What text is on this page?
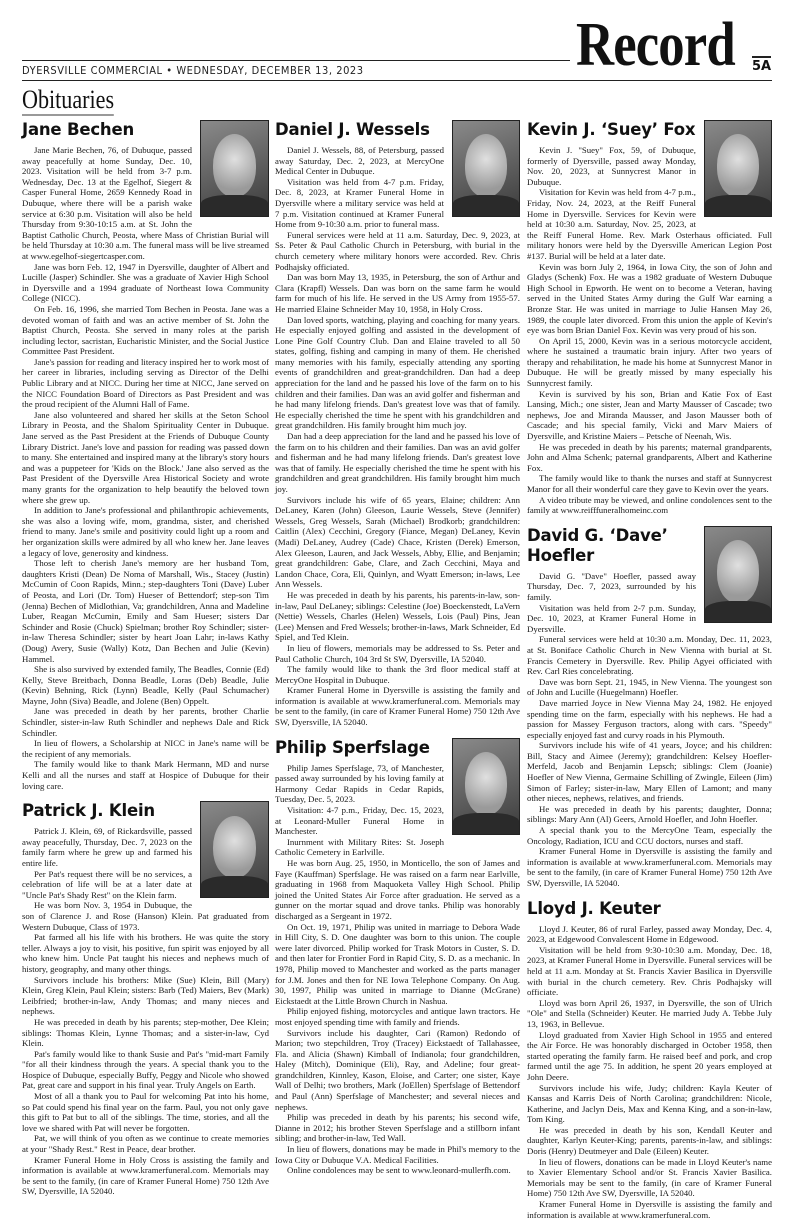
DYERSVILLE COMMERCIAL • WEDNESDAY, DECEMBER 13, 2023	Record 5A
Obituaries
Jane Bechen

Jane Marie Bechen, 76, of Dubuque, passed away peacefully at home Sunday, Dec. 10, 2023. Visitation will be held from 3-7 p.m. Wednesday, Dec. 13 at the Egelhof, Siegert & Casper Funeral Home, 2659 Kennedy Road in Dubuque, where there will be a parish wake service at 6:30 p.m. Visitation will also be held Thursday from 9:30-10:15 a.m. at St. John the Baptist Catholic Church, Peosta, where Mass of Christian Burial will be held Thursday at 10:30 a.m. The funeral mass will be live streamed at www.egelhof-siegertcasper.com.

Jane was born Feb. 12, 1947 in Dyersville, daughter of Albert and Lucille (Jasper) Schindler. She was a graduate of Xavier High School in Dyersville and a 1994 graduate of Northeast Iowa Community College (NICC).

On Feb. 16, 1996, she married Tom Bechen in Peosta. Jane was a devoted woman of faith and was an active member of St. John the Baptist Church, Peosta. She served in many roles at the parish including lector, sacristan, Eucharistic Minister, and the Social Justice Committee Past President.

Jane's passion for reading and literacy inspired her to work most of her career in libraries, including serving as Director of the Delhi Public Library and at NICC. During her time at NICC, Jane served on the NICC Foundation Board of Directors as Past President and was the proud recipient of the Alumni Hall of Fame.

Jane also volunteered and shared her skills at the Seton School Library in Peosta, and the Shalom Spirituality Center in Dubuque. Jane served as the Past President at the Friends of Dubuque County Library District. Jane's love and passion for reading was passed down to many. She entertained and inspired many at the library's story hours and was a puppeteer for 'Kids on the Block.' Jane also served as the Past President of the Dyersville Area Historical Society and wrote many grants for the organization to help beautify the beloved town where she grew up.

In addition to Jane's professional and philanthropic achievements, she was also a loving wife, mom, grandma, sister, and cherished friend to many. Jane's smile and positivity could light up a room and her organization skills were admired by all who knew her. Jane leaves a legacy of love, generosity and kindness.

Those left to cherish Jane's memory are her husband Tom, daughters Kristi (Dean) De Noma of Marshall, Wis., Stacey (Justin) McCumin of Coon Rapids, Minn.; step-daughters Toni (Dave) Luber of Peosta, and Lori (Dr. Tom) Hueser of Bettendorf; step-son Tim (Jenna) Bechen of Midlothian, Va; grandchildren, Anna and Madeline Luber, Reagan McCumin, Emily and Sam Hueser; sisters Dar Schinder and Rosie (Chuck) Spielman; brother Roy Schindler; sister-in-law Theresa Schindler; sister by heart Joan Lahr; in-laws Kathy (Doug) Avery, Susie (Wally) Kotz, Dan Bechen and Julie (Kevin) Hammel.

She is also survived by extended family, The Beadles, Connie (Ed) Kelly, Steve Breitbach, Donna Beadle, Loras (Deb) Beadle, Julie (Kevin) Behning, Rick (Lynn) Beadle, Kelly (Paul Schumacher) Mayne, John (Siva) Beadle, and Jolene (Ben) Oppelt.

Jane was preceded in death by her parents, brother Charlie Schindler, sister-in-law Ruth Schindler and nephews Dale and Rick Schindler.

In lieu of flowers, a Scholarship at NICC in Jane's name will be the recipient of any memorials.

The family would like to thank Mark Hermann, MD and nurse Kelli and all the nurses and staff at Hospice of Dubuque for their loving care.

Patrick J. Klein

Patrick J. Klein, 69, of Rickardsville, passed away peacefully, Thursday, Dec. 7, 2023 on the family farm where he grew up and farmed his entire life.

Per Pat's request there will be no services, a celebration of life will be at a later date at "Uncle Pat's Shady Rest" on the Klein farm.

He was born Nov. 3, 1954 in Dubuque, the son of Clarence J. and Rose (Hanson) Klein. Pat graduated from Western Dubuque, Class of 1973.

Pat farmed all his life with his brothers. He was quite the story teller. Always a joy to visit, his positive, fun spirit was enjoyed by all who knew him. Uncle Pat taught his nieces and nephews much of history, geography, and many other things.

Survivors include his brothers: Mike (Sue) Klein, Bill (Mary) Klein, Greg Klein, Paul Klein; sisters: Barb (Ted) Maiers, Bev (Mark) Leibfried; brother-in-law, Andy Thomas; and many nieces and nephews.

He was preceded in death by his parents; step-mother, Dee Klein; siblings: Thomas Klein, Lynne Thomas; and a sister-in-law, Cyd Klein.

Pat's family would like to thank Susie and Pat's "mid-mart Family "for all their kindness through the years. A special thank you to the Hospice of Dubuque, especially Buffy, Peggy and Nicole who showed Pat, great care and support in his final year. Truly Angels on Earth.

Most of all a thank you to Paul for welcoming Pat into his home, so Pat could spend his final year on the farm. Paul, you not only gave this gift to Pat but to all of the siblings. The time, stories, and all the love we shared with Pat will never be forgotten.

Pat, we will think of you often as we continue to create memories at your "Shady Rest." Rest in Peace, dear brother.

Kramer Funeral Home in Holy Cross is assisting the family and information is available at www.kramerfuneral.com. Memorials may be sent to the family, (in care of Kramer Funeral Home) 750 12th Ave SW, Dyersville, IA 52040.

Daniel J. Wessels

Daniel J. Wessels, 88, of Petersburg, passed away Saturday, Dec. 2, 2023, at MercyOne Medical Center in Dubuque.

Visitation was held from 4-7 p.m. Friday, Dec. 8, 2023, at Kramer Funeral Home in Dyersville where a military service was held at 7 p.m. Visitation continued at Kramer Funeral Home from 9-10:30 a.m. prior to funeral mass.

Funeral services were held at 11 a.m. Saturday, Dec. 9, 2023, at Ss. Peter & Paul Catholic Church in Petersburg, with burial in the church cemetery where military honors were accorded. Rev. Chris Podhajsky officiated.

Dan was born May 13, 1935, in Petersburg, the son of Arthur and Clara (Krapfl) Wessels. Dan was born on the same farm he would farm for much of his life. He served in the US Army from 1955-57. He married Elaine Schneider May 10, 1958, in Holy Cross.

Dan loved sports, watching, playing and coaching for many years. He especially enjoyed golfing and assisted in the development of Lone Pine Golf Country Club. Dan and Elaine traveled to all 50 states, golfing, fishing and camping in many of them. He cherished many memories with his family, especially attending any sporting events of grandchildren and great-grandchildren. Dan had a deep appreciation for the land and he passed his love of the farm on to his children and their families. Dan was an avid golfer and fisherman and he had many lifelong friends. Dan's greatest love was that of family. He especially cherished the time he spent with his grandchildren and great grandchildren. His family brought him much joy.

Dan had a deep appreciation for the land and he passed his love of the farm on to his children and their families. Dan was an avid golfer and fisherman and he had many lifelong friends. Dan's greatest love was that of family. He especially cherished the time he spent with his grandchildren and great grandchildren. His family brought him much joy.

Survivors include his wife of 65 years, Elaine; children: Ann DeLaney, Karen (John) Gleeson, Laurie Wessels, Steve (Jennifer) Wessels, Greg Wessels, Sarah (Michael) Brodkorb; grandchildren: Caitlin (Alex) Cecchini, Gregory (Fiance, Megan) DeLaney, Kevin (Madi) DeLaney, Audrey (Cade) Chace, Kristen (Derek) Emerson, Alex Gleeson, Lauren, and Jack Wessels, Abby, Ellie, and Benjamin; great grandchildren: Gabe, Clare, and Zach Cecchini, Maya and Landon Chace, Cora, Eli, Quinlyn, and Wyatt Emerson; in-laws, Lee Ann Wessels.

He was preceded in death by his parents, his parents-in-law, son-in-law, Paul DeLaney; siblings: Celestine (Joe) Boeckenstedt, LaVern (Nettie) Wessels, Charles (Helen) Wessels, Lois (Paul) Pins, Jean (Lee) Mensen and Fred Wessels; brother-in-laws, Mark Schneider, Ed Spiel, and Ted Klein.

In lieu of flowers, memorials may be addressed to Ss. Peter and Paul Catholic Church, 104 3rd St SW, Dyersville, IA 52040.

The family would like to thank the 3rd floor medical staff at MercyOne Hospital in Dubuque.

Kramer Funeral Home in Dyersville is assisting the family and information is available at www.kramerfuneral.com. Memorials may be sent to the family, (in care of Kramer Funeral Home) 750 12th Ave SW, Dyersville, IA 52040.

Philip Sperfslage

Philip James Sperfslage, 73, of Manchester, passed away surrounded by his loving family at Harmony Cedar Rapids in Cedar Rapids, Tuesday, Dec. 5, 2023.

Visitation: 4-7 p.m., Friday, Dec. 15, 2023, at Leonard-Muller Funeral Home in Manchester.

Inurnment with Military Rites: St. Joseph Catholic Cemetery in Earlville.

He was born Aug. 25, 1950, in Monticello, the son of James and Faye (Kauffman) Sperfslage. He was raised on a farm near Earlville, graduating in 1968 from Maquoketa Valley High School. Philip joined the United States Air Force after graduation. He served as a gunner on the mortar squad and drove tanks. Philip was honorably discharged as a Sergeant in 1972.

On Oct. 19, 1971, Philip was united in marriage to Debora Wade in Hill City, S. D. One daughter was born to this union. The couple were later divorced. Philip worked for Trask Motors in Custer, S. D. and then later for Frontier Ford in Rapid City, S. D. as a mechanic. In 1978, Philip moved to Manchester and worked as the parts manager for J.M. Jones and then for NE Iowa Telephone Company. On Aug. 30, 1997, Philip was united in marriage to Dianne (McGrane) Eickstaedt at the Little Brown Church in Nashua.

Philip enjoyed fishing, motorcycles and antique lawn tractors. He most enjoyed spending time with family and friends.

Survivors include his daughter, Cari (Ramon) Redondo of Marion; two stepchildren, Troy (Tracey) Eickstaedt of Tallahassee, Fla. and Alicia (Shawn) Kimball of Indianola; four grandchildren, Haley (Mitch), Dominique (Eli), Ray, and Adeline; four great-grandchildren, Kinnley, Kason, Eloise, and Carter; one sister, Kaye Wall of Delhi; two brothers, Mark (JoEllen) Sperfslage of Bettendorf and Paul (Ann) Sperfslage of Manchester; and several nieces and nephews.

Philip was preceded in death by his parents; his second wife, Dianne in 2012; his brother Steven Sperfslage and a stillborn infant sibling; and brother-in-law, Ted Wall.

In lieu of flowers, donations may be made in Phil's memory to the Iowa City or Dubuque V.A. Medical Facilities.

Online condolences may be sent to www.leonard-mullerfh.com.

Kevin J. ‘Suey’ Fox

Kevin J. "Suey" Fox, 59, of Dubuque, formerly of Dyersville, passed away Monday, Nov. 20, 2023, at Sunnycrest Manor in Dubuque.

Visitation for Kevin was held from 4-7 p.m., Friday, Nov. 24, 2023, at the Reiff Funeral Home in Dyersville. Services for Kevin were held at 10:30 a.m. Saturday, Nov. 25, 2023, at the Reiff Funeral Home. Rev. Mark Osterhaus officiated. Full military honors were held by the Dyersville American Legion Post #137. Burial will be held at a later date.

Kevin was born July 2, 1964, in Iowa City, the son of John and Gladys (Schenk) Fox. He was a 1982 graduate of Western Dubuque High School in Epworth. He went on to become a Veteran, having served in the United States Army during the Gulf War earning a Bronze Star. He was united in marriage to Julie Hansen May 26, 1989, the couple later divorced. From this union the apple of Kevin's eye was born Brian Daniel Fox. Kevin was very proud of his son.

On April 15, 2000, Kevin was in a serious motorcycle accident, where he sustained a traumatic brain injury. After two years of therapy and rehabilitation, he made his home at Sunnycrest Manor in Dubuque. He will be greatly missed by many especially his Sunnycrest family.

Kevin is survived by his son, Brian and Katie Fox of East Lansing, Mich.; one sister, Jean and Marty Mausser of Cascade; two nephews, Joe and Miranda Mausser, and Jason Mausser both of Cascade; and his special family, Vicki and Marv Maiers of Dyersville, and Kristine Maiers – Petsche of Neenah, Wis.

He was preceded in death by his parents; maternal grandparents, John and Alma Schenk; paternal grandparents, Albert and Katherine Fox.

The family would like to thank the nurses and staff at Sunnycrest Manor for all their wonderful care they gave to Kevin over the years.

A video tribute may be viewed, and online condolences sent to the family at www.reifffuneralhomeinc.com

David G. ‘Dave’ Hoefler

David G. "Dave" Hoefler, passed away Thursday, Dec. 7, 2023, surrounded by his family.

Visitation was held from 2-7 p.m. Sunday, Dec. 10, 2023, at Kramer Funeral Home in Dyersville.

Funeral services were held at 10:30 a.m. Monday, Dec. 11, 2023, at St. Boniface Catholic Church in New Vienna with burial at St. Francis Cemetery in Dyersville. Rev. Philip Agyei officiated with Rev. Carl Ries concelebrating.

Dave was born Sept. 21, 1945, in New Vienna. The youngest son of John and Lucille (Huegelmann) Hoefler.

Dave married Joyce in New Vienna May 24, 1982. He enjoyed spending time on the farm, especially with his nephews. He had a passion for Massey Ferguson tractors, along with cars. "Speedy" especially enjoyed fast and curvy roads in his Plymouth.

Survivors include his wife of 41 years, Joyce; and his children: Bill, Stacy and Aimee (Jeremy); grandchildren: Kelsey Hoefler-Merfeld, Jacob and Benjamin Lepsch; siblings: Clem (Joanie) Hoefler of New Vienna, Germaine Schilling of Zwingle, Eileen (Jim) Simon of Farley; sister-in-law, Mary Ellen of Lamont; and many other nieces, nephews, relatives, and friends.

He was preceded in death by his parents; daughter, Donna; siblings: Mary Ann (Al) Geers, Arnold Hoefler, and John Hoefler.

A special thank you to the MercyOne Team, especially the Oncology, Radiation, ICU and CCU doctors, nurses and staff.

Kramer Funeral Home in Dyersville is assisting the family and information is available at www.kramerfuneral.com. Memorials may be sent to the family, (in care of Kramer Funeral Home) 750 12th Ave SW, Dyersville, IA 52040.

Lloyd J. Keuter

Lloyd J. Keuter, 86 of rural Farley, passed away Monday, Dec. 4, 2023, at Edgewood Convalescent Home in Edgewood.

Visitation will be held from 9:30-10:30 a.m. Monday, Dec. 18, 2023, at Kramer Funeral Home in Dyersville. Funeral services will be held at 11 a.m. Monday at St. Francis Xavier Basilica in Dyersville with burial in the church cemetery. Rev. Chris Podhajsky will officiate.

Lloyd was born April 26, 1937, in Dyersville, the son of Ulrich "Ole" and Stella (Schneider) Keuter. He married Judy A. Tebbe July 13, 1963, in Bellevue.

Lloyd graduated from Xavier High School in 1955 and entered the Air Force. He was honorably discharged in October 1958, then started operating the family farm. He raised beef and pork, and crop farmed until the age 75. In addition, he spent 20 years employed at John Deere.

Survivors include his wife, Judy; children: Kayla Keuter of Kansas and Karris Deis of North Carolina; grandchildren: Nicole, Katherine, and Jaclyn Deis, Max and Kenna King, and a son-in-law, Tom King.

He was preceded in death by his son, Kendall Keuter and daughter, Karlyn Keuter-King; parents, parents-in-law, and siblings: Doris (Henry) Deutmeyer and Dale (Eileen) Keuter.

In lieu of flowers, donations can be made in Lloyd Keuter's name to Xavier Elementary School and/or St. Francis Xavier Basilica. Memorials may be sent to the family, (in care of Kramer Funeral Home) 750 12th Ave SW, Dyersville, IA 52040.

Kramer Funeral Home in Dyersville is assisting the family and information is available at www.kramerfuneral.com.
